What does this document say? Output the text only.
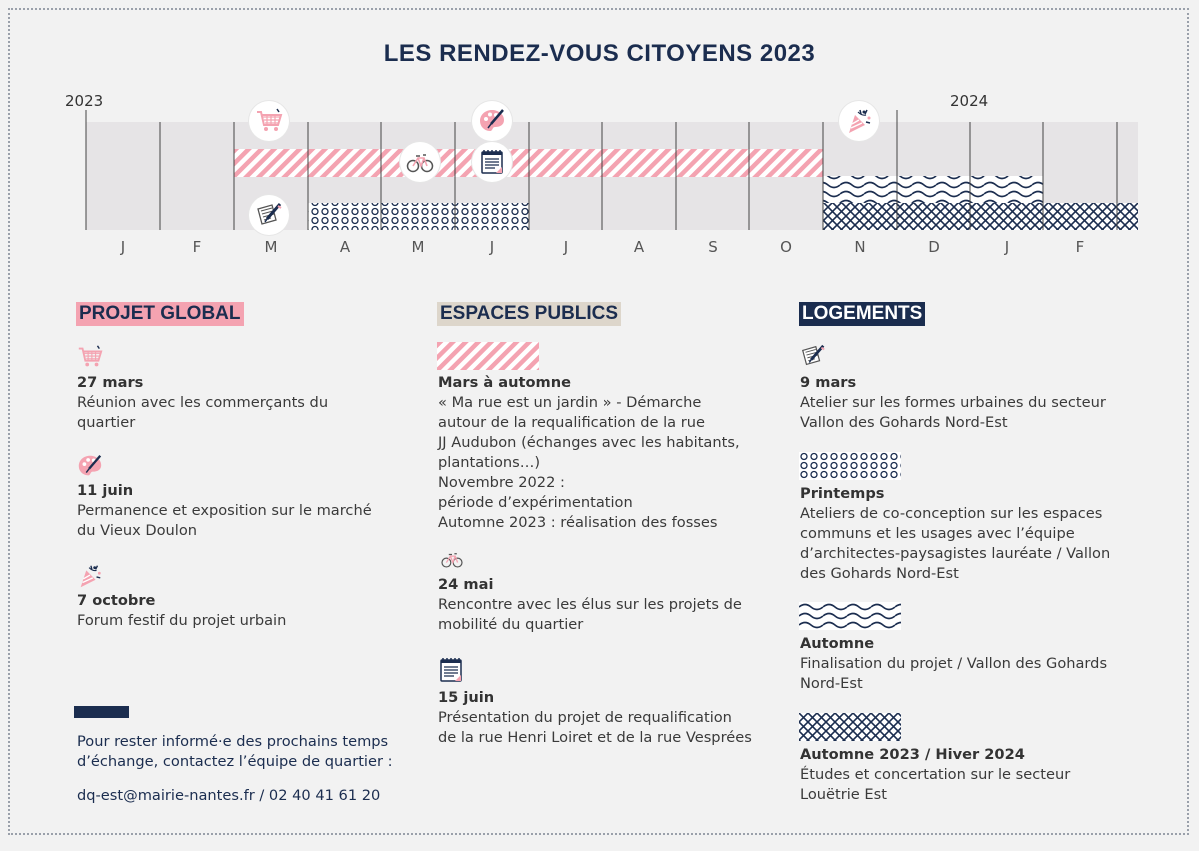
LES RENDEZ-VOUS CITOYENS 2023
2023	2024
J	F	M	A	M	J	J	A	S	O	N	D	J	F
PROJET GLOBAL
27 mars
Réunion avec les commerçants du
quartier
11 juin
Permanence et exposition sur le marché
du Vieux Doulon
7 octobre
Forum festif du projet urbain
Pour rester informé·e des prochains temps
d’échange, contactez l’équipe de quartier :
dq-est@mairie-nantes.fr / 02 40 41 61 20
ESPACES PUBLICS
Mars à automne
« Ma rue est un jardin » - Démarche
autour de la requalification de la rue
JJ Audubon (échanges avec les habitants,
plantations…)
Novembre 2022 :
période d’expérimentation
Automne 2023 : réalisation des fosses
24 mai
Rencontre avec les élus sur les projets de
mobilité du quartier
15 juin
Présentation du projet de requalification
de la rue Henri Loiret et de la rue Vesprées
LOGEMENTS
9 mars
Atelier sur les formes urbaines du secteur
Vallon des Gohards Nord-Est
Printemps
Ateliers de co-conception sur les espaces
communs et les usages avec l’équipe
d’architectes-paysagistes lauréate / Vallon
des Gohards Nord-Est
Automne
Finalisation du projet / Vallon des Gohards
Nord-Est
Automne 2023 / Hiver 2024
Études et concertation sur le secteur
Louëtrie Est
